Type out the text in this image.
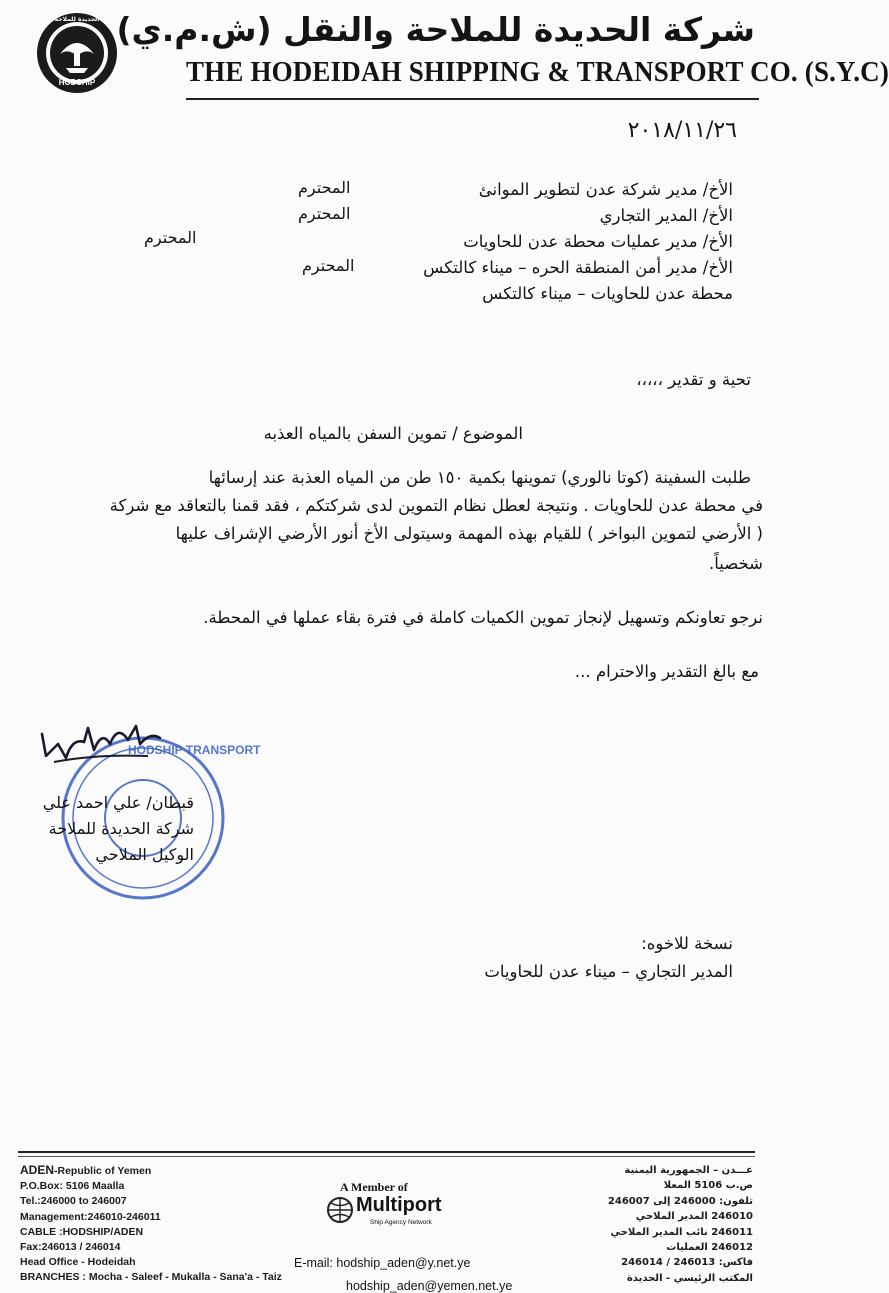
الحديدة للملاحة
HODSHIP
شركة الحديدة للملاحة والنقل (ش.م.ي)
THE HODEIDAH SHIPPING & TRANSPORT CO. (S.Y.C)
٢٠١٨/١١/٢٦
الأخ/ مدير شركة عدن لتطوير الموانئ
المحترم
الأخ/ المدير التجاري
المحترم
الأخ/ مدير عمليات محطة عدن للحاويات
المحترم
الأخ/ مدير أمن المنطقة الحره – ميناء كالتكس
المحترم
محطة عدن للحاويات – ميناء كالتكس
تحية و تقدير ،،،،،
الموضوع / تموين السفن بالمياه العذبه
طلبت السفينة (كوتا نالوري) تموينها بكمية ١٥٠ طن من المياه العذبة عند إرسائها
في محطة عدن للحاويات . ونتيجة لعطل نظام التموين لدى شركتكم ، فقد قمنا بالتعاقد مع شركة
( الأرضي لتموين البواخر ) للقيام بهذه المهمة وسيتولى الأخ أنور الأرضي الإشراف عليها
شخصياً.
نرجو تعاونكم وتسهيل لإنجاز تموين الكميات كاملة في فترة بقاء عملها في المحطة.
مع بالغ التقدير والاحترام ...
HODSHIP TRANSPORT
قبطان/ علي احمد علي
شركة الحديدة للملاحة
الوكيل الملاحي
نسخة للاخوه:
المدير التجاري – ميناء عدن للحاويات
ADEN-Republic of Yemen
P.O.Box: 5106 Maalla
Tel.:246000 to 246007
Management:246010-246011
CABLE :HODSHIP/ADEN
Fax:246013 / 246014
Head Office - Hodeidah
BRANCHES : Mocha - Saleef - Mukalla - Sana'a - Taiz
A Member of
Multiport
Ship Agency Network
E-mail: hodship_aden@y.net.ye
hodship_aden@yemen.net.ye
عـــدن – الجمهورية اليمنية
ص.ب 5106 المعلا
تلفون: 246000 إلى 246007
246010 المدير الملاحي
246011 نائب المدير الملاحي
246012 العمليات
فاكس: 246013 / 246014
المكتب الرئيسي - الحديدة
